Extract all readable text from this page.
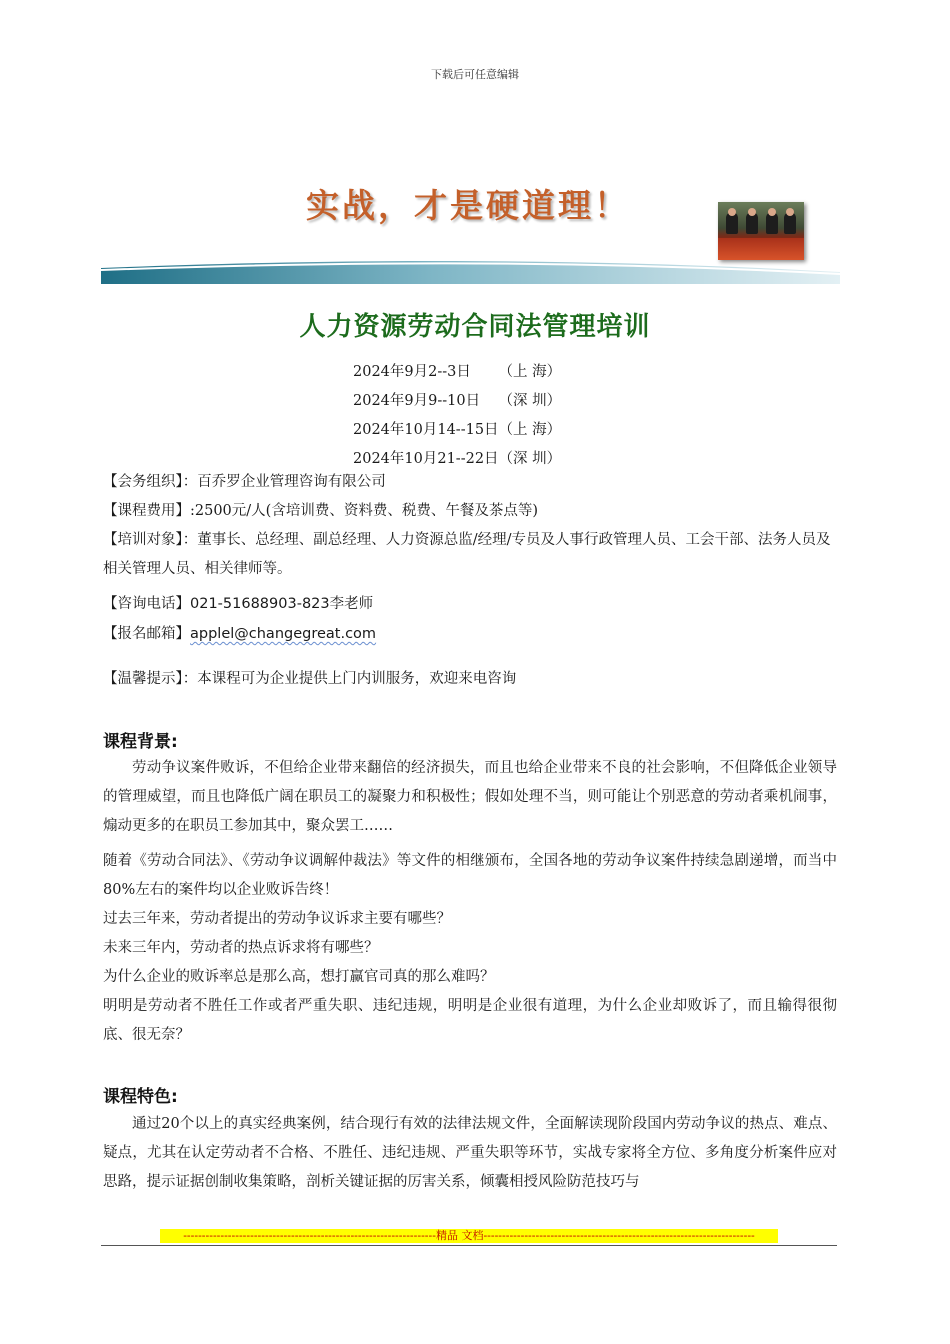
下载后可任意编辑
实战，才是硬道理！
人力资源劳动合同法管理培训
2024年9月2--3日      （上 海）
2024年9月9--10日    （深 圳）
2024年10月14--15日（上 海）
2024年10月21--22日（深 圳）
【会务组织】：百乔罗企业管理咨询有限公司
【课程费用】:2500元/人(含培训费、资料费、税费、午餐及茶点等)
【培训对象】：董事长、总经理、副总经理、人力资源总监/经理/专员及人事行政管理人员、工会干部、法务人员及相关管理人员、相关律师等。
【咨询电话】021-51688903-823李老师
【报名邮箱】applel@changegreat.com
【温馨提示】：本课程可为企业提供上门内训服务，欢迎来电咨询
课程背景:
劳动争议案件败诉，不但给企业带来翻倍的经济损失，而且也给企业带来不良的社会影响，不但降低企业领导的管理威望，而且也降低广阔在职员工的凝聚力和积极性；假如处理不当，则可能让个别恶意的劳动者乘机闹事，煽动更多的在职员工参加其中，聚众罢工……
随着《劳动合同法》、《劳动争议调解仲裁法》等文件的相继颁布，全国各地的劳动争议案件持续急剧递增，而当中80%左右的案件均以企业败诉告终！
过去三年来，劳动者提出的劳动争议诉求主要有哪些？
未来三年内，劳动者的热点诉求将有哪些？
为什么企业的败诉率总是那么高，想打赢官司真的那么难吗？
明明是劳动者不胜任工作或者严重失职、违纪违规，明明是企业很有道理，为什么企业却败诉了，而且输得很彻底、很无奈？
课程特色:
通过20个以上的真实经典案例，结合现行有效的法律法规文件，全面解读现阶段国内劳动争议的热点、难点、疑点，尤其在认定劳动者不合格、不胜任、违纪违规、严重失职等环节，实战专家将全方位、多角度分析案件应对思路，提示证据创制收集策略，剖析关键证据的厉害关系，倾囊相授风险防范技巧与
--------------------------------------------------------------------精品 文档-------------------------------------------------------------------------
